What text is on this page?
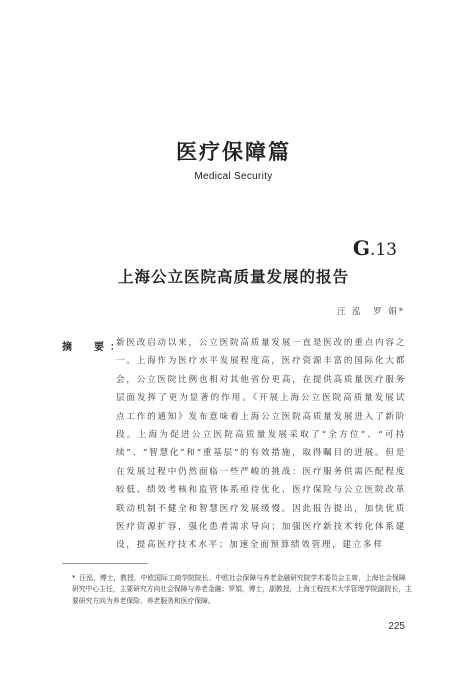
医疗保障篇
Medical Security
G.13
上海公立医院高质量发展的报告
汪 泓　罗 娟*
摘　要：
新医改启动以来，公立医院高质量发展一直是医改的重点内容之一。上海作为医疗水平发展程度高，医疗资源丰富的国际化大都会，公立医院比例也相对其他省份更高，在提供高质量医疗服务层面发挥了更为显著的作用。《开展上海公立医院高质量发展试点工作的通知》发布意味着上海公立医院高质量发展进入了新阶段。上海为促进公立医院高质量发展采取了“全方位”、“可持续”、“智慧化”和“重基层”的有效措施，取得瞩目的进展。但是在发展过程中仍然面临一些严峻的挑战：医疗服务供需匹配程度较低、绩效考核和监管体系亟待优化、医疗保险与公立医院改革联动机制不健全和智慧医疗发展缓慢。因此报告提出，加快优质医疗资源扩容，强化患者需求导向；加强医疗新技术转化体系建设，提高医疗技术水平；加速全面预算绩效管理，建立多样
* 汪泓，博士，教授，中欧国际工商学院院长、中欧社会保障与养老金融研究院学术委员会主席，上海社会保障研究中心主任，主要研究方向社会保障与养老金融；罗娟，博士，副教授，上海工程技术大学管理学院副院长，主要研究方向为养老保险、养老服务和医疗保障。
225
